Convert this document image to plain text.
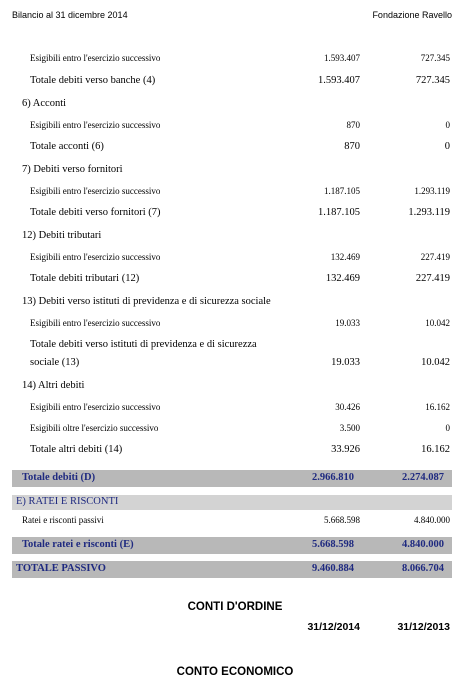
Bilancio al 31 dicembre 2014	Fondazione Ravello
Esigibili entro l'esercizio successivo	1.593.407	727.345
Totale debiti verso banche (4)	1.593.407	727.345
6) Acconti
Esigibili entro l'esercizio successivo	870	0
Totale acconti (6)	870	0
7) Debiti verso fornitori
Esigibili entro l'esercizio successivo	1.187.105	1.293.119
Totale debiti verso fornitori (7)	1.187.105	1.293.119
12) Debiti tributari
Esigibili entro l'esercizio successivo	132.469	227.419
Totale debiti tributari (12)	132.469	227.419
13) Debiti verso istituti di previdenza e di sicurezza sociale
Esigibili entro l'esercizio successivo	19.033	10.042
Totale debiti verso istituti di previdenza e di sicurezza
sociale (13)	19.033	10.042
14) Altri debiti
Esigibili entro l'esercizio successivo	30.426	16.162
Esigibili oltre l'esercizio successivo	3.500	0
Totale altri debiti (14)	33.926	16.162
Totale debiti (D)	2.966.810	2.274.087
E) RATEI E RISCONTI
Ratei e risconti passivi	5.668.598	4.840.000
Totale ratei e risconti (E)	5.668.598	4.840.000
TOTALE PASSIVO	9.460.884	8.066.704
CONTI D'ORDINE
31/12/2014	31/12/2013
CONTO ECONOMICO
